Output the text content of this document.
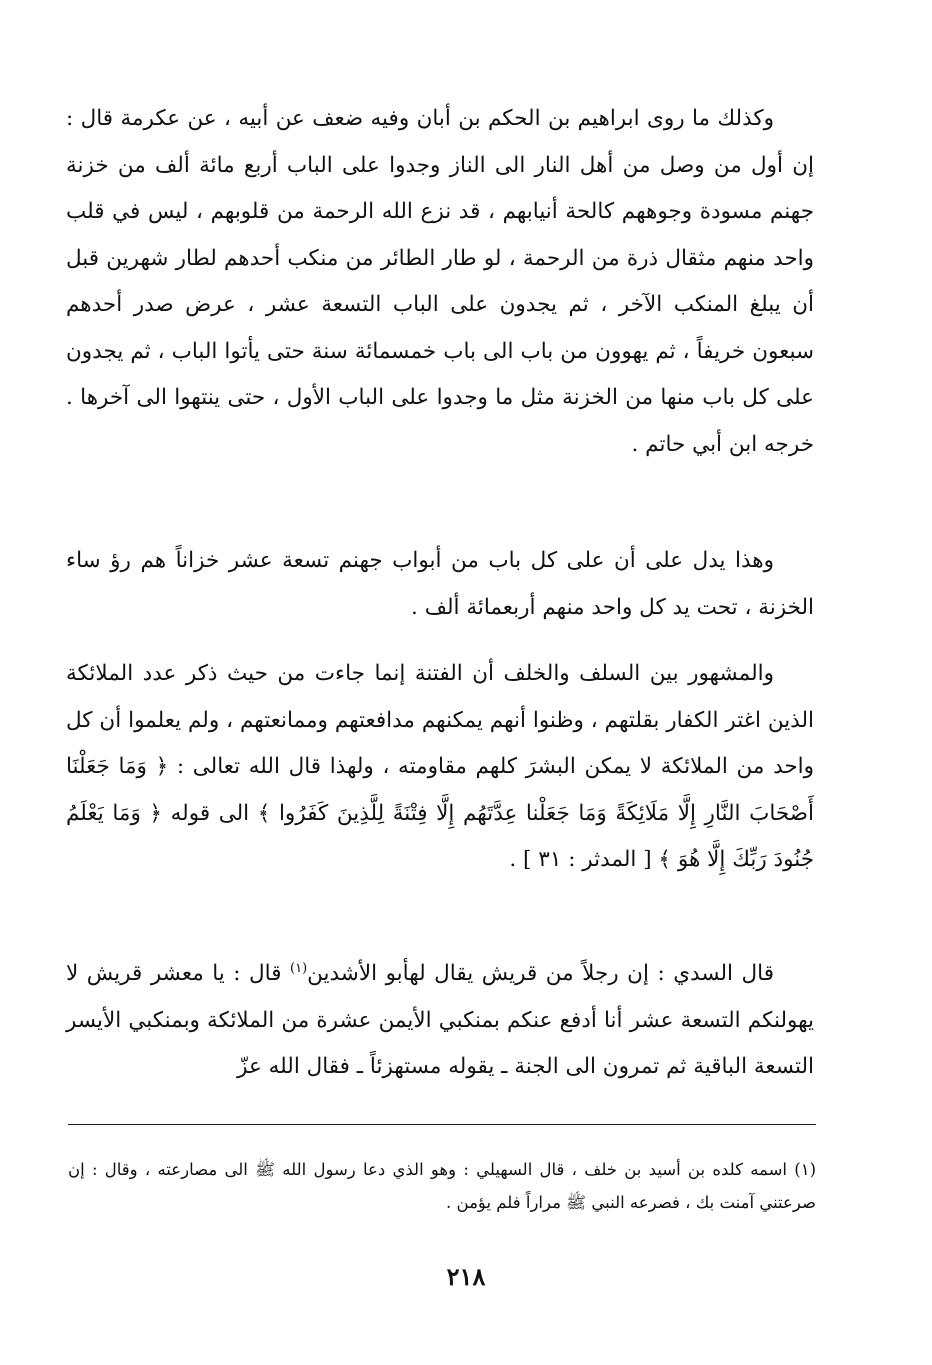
وكذلك ما روى ابراهيم بن الحكم بن أبان وفيه ضعف عن أبيه ، عن عكرمة قال : إن أول من وصل من أهل النار الى الناز وجدوا على الباب أربع مائة ألف من خزنة جهنم مسودة وجوههم كالحة أنيابهم ، قد نزع الله الرحمة من قلوبهم ، ليس في قلب واحد منهم مثقال ذرة من الرحمة ، لو طار الطائر من منكب أحدهم لطار شهرين قبل أن يبلغ المنكب الآخر ، ثم يجدون على الباب التسعة عشر ، عرض صدر أحدهم سبعون خريفاً ، ثم يهوون من باب الى باب خمسمائة سنة حتى يأتوا الباب ، ثم يجدون على كل باب منها من الخزنة مثل ما وجدوا على الباب الأول ، حتى ينتهوا الى آخرها . خرجه ابن أبي حاتم .

وهذا يدل على أن على كل باب من أبواب جهنم تسعة عشر خزاناً هم رؤ ساء الخزنة ، تحت يد كل واحد منهم أربعمائة ألف .

والمشهور بين السلف والخلف أن الفتنة إنما جاءت من حيث ذكر عدد الملائكة الذين اغتر الكفار بقلتهم ، وظنوا أنهم يمكنهم مدافعتهم وممانعتهم ، ولم يعلموا أن كل واحد من الملائكة لا يمكن البشرَ كلهم مقاومته ، ولهذا قال الله تعالى : ﴿ وَمَا جَعَلْنَا أَصْحَابَ النَّارِ إِلَّا مَلَائِكَةً وَمَا جَعَلْنا عِدَّتَهُم إِلَّا فِتْنَةً لِلَّذِينَ كَفَرُوا ﴾ الى قوله ﴿ وَمَا يَعْلَمُ جُنُودَ رَبِّكَ إِلَّا هُوَ ﴾ [ المدثر : ٣١ ] .

قال السدي : إن رجلاً من قريش يقال لهأبو الأشدين$^{(١)}$ قال : يا معشر قريش لا يهولنكم التسعة عشر أنا أدفع عنكم بمنكبي الأيمن عشرة من الملائكة وبمنكبي الأيسر التسعة الباقية ثم تمرون الى الجنة ـ يقوله مستهزئاً ـ فقال الله عزّ

(١) اسمه كلده بن أسيد بن خلف ، قال السهيلي : وهو الذي دعا رسول الله ﷺ الى مصارعته ، وقال : إن صرعتني آمنت بك ، فصرعه النبي ﷺ مراراً فلم يؤمن .

٢١٨
